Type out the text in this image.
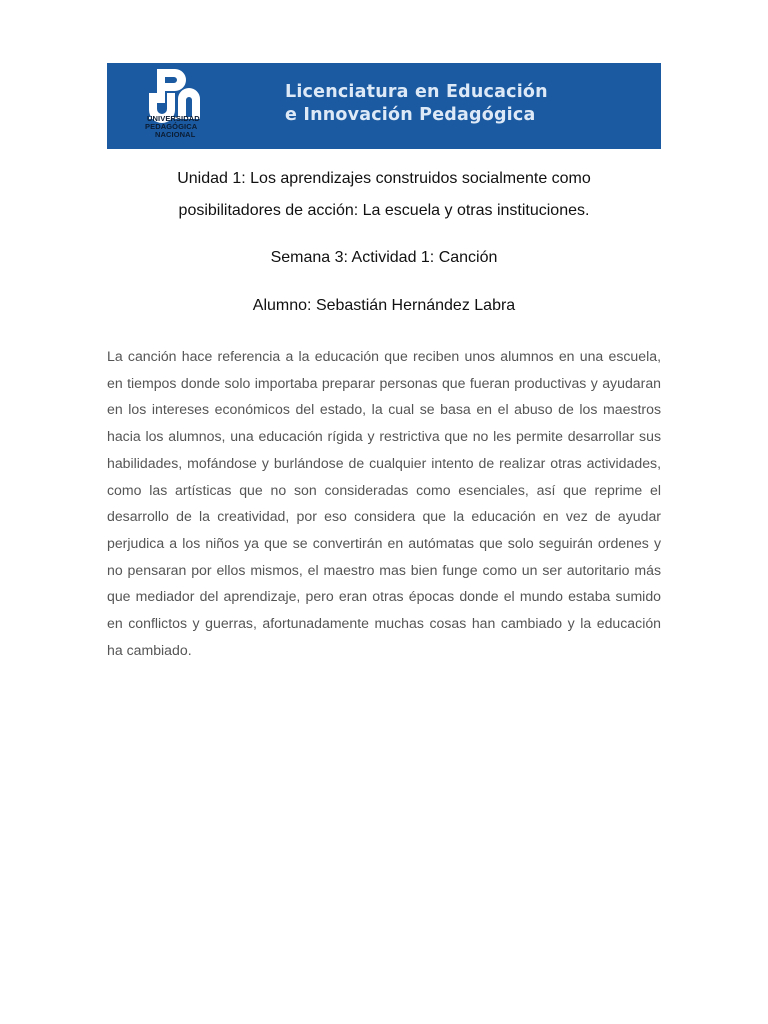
UNIVERSIDAD
PEDAGÓGICA
NACIONAL
Licenciatura en Educación
e Innovación Pedagógica
Unidad 1: Los aprendizajes construidos socialmente como
posibilitadores de acción: La escuela y otras instituciones.
Semana 3: Actividad 1: Canción
Alumno: Sebastián Hernández Labra

La canción hace referencia a la educación que reciben unos alumnos en una escuela, en tiempos donde solo importaba preparar personas que fueran productivas y ayudaran en los intereses económicos del estado, la cual se basa en el abuso de los maestros hacia los alumnos, una educación rígida y restrictiva que no les permite desarrollar sus habilidades, mofándose y burlándose de cualquier intento de realizar otras actividades, como las artísticas que no son consideradas como esenciales, así que reprime el desarrollo de la creatividad, por eso considera que la educación en vez de ayudar perjudica a los niños ya que se convertirán en autómatas que solo seguirán ordenes y no pensaran por ellos mismos, el maestro mas bien funge como un ser autoritario más que mediador del aprendizaje, pero eran otras épocas donde el mundo estaba sumido en conflictos y guerras, afortunadamente muchas cosas han cambiado y la educación ha cambiado.
